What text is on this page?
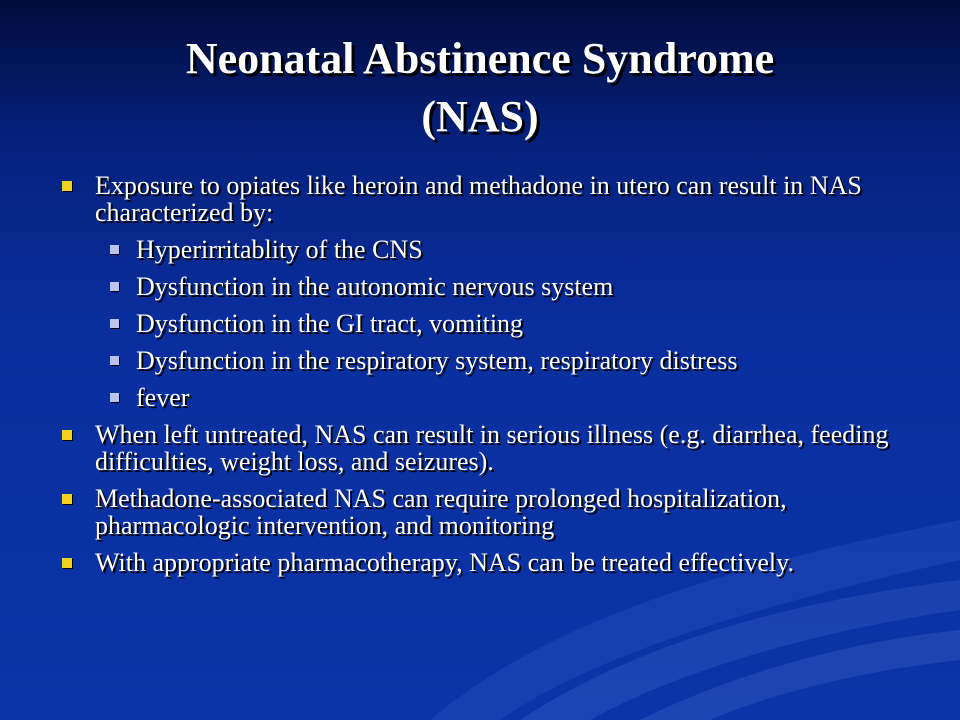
Neonatal Abstinence Syndrome
(NAS)
Exposure to opiates like heroin and methadone in utero can result in NAS characterized by:
Hyperirritablity of the CNS
Dysfunction in the autonomic nervous system
Dysfunction in the GI tract, vomiting
Dysfunction in the respiratory system, respiratory distress
fever
When left untreated, NAS can result in serious illness (e.g. diarrhea, feeding difficulties, weight loss, and seizures).
Methadone-associated NAS can require prolonged hospitalization, pharmacologic intervention, and monitoring
With appropriate pharmacotherapy, NAS can be treated effectively.
